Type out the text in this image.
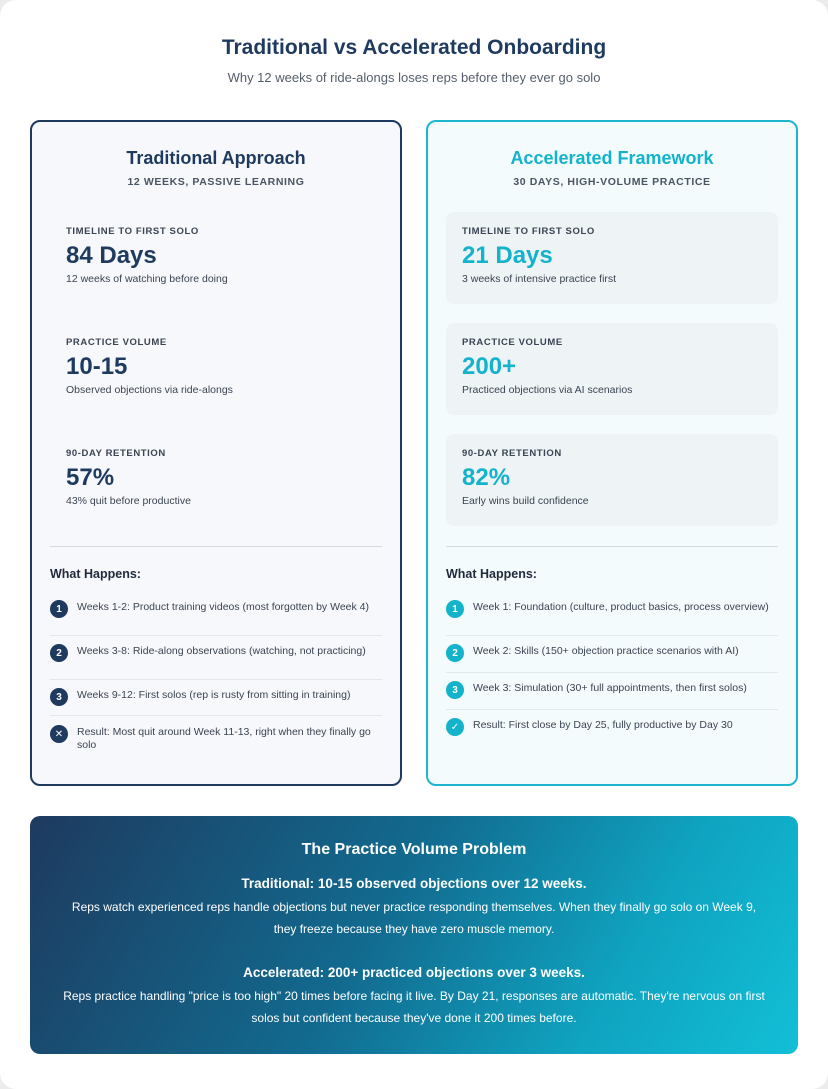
Traditional vs Accelerated Onboarding
Why 12 weeks of ride-alongs loses reps before they ever go solo
Traditional Approach
12 WEEKS, PASSIVE LEARNING
TIMELINE TO FIRST SOLO
84 Days
12 weeks of watching before doing
PRACTICE VOLUME
10-15
Observed objections via ride-alongs
90-DAY RETENTION
57%
43% quit before productive
What Happens:
1	Weeks 1-2: Product training videos (most forgotten by Week 4)
2	Weeks 3-8: Ride-along observations (watching, not practicing)
3	Weeks 9-12: First solos (rep is rusty from sitting in training)
✕	Result: Most quit around Week 11-13, right when they finally go solo
Accelerated Framework
30 DAYS, HIGH-VOLUME PRACTICE
TIMELINE TO FIRST SOLO
21 Days
3 weeks of intensive practice first
PRACTICE VOLUME
200+
Practiced objections via AI scenarios
90-DAY RETENTION
82%
Early wins build confidence
What Happens:
1	Week 1: Foundation (culture, product basics, process overview)
2	Week 2: Skills (150+ objection practice scenarios with AI)
3	Week 3: Simulation (30+ full appointments, then first solos)
✓	Result: First close by Day 25, fully productive by Day 30
The Practice Volume Problem
Traditional: 10-15 observed objections over 12 weeks.
Reps watch experienced reps handle objections but never practice responding themselves. When they finally go solo on Week 9, they freeze because they have zero muscle memory.
Accelerated: 200+ practiced objections over 3 weeks.
Reps practice handling "price is too high" 20 times before facing it live. By Day 21, responses are automatic. They're nervous on first solos but confident because they've done it 200 times before.
